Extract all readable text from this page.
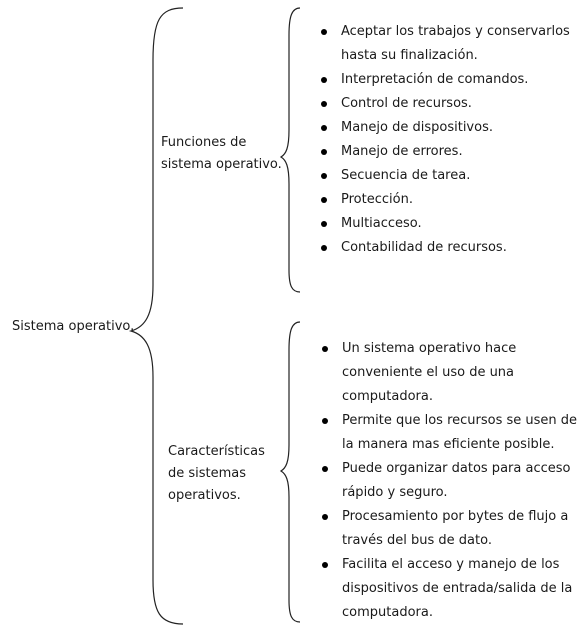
Sistema operativo.
Funciones de
sistema operativo.
Aceptar los trabajos y conservarlos
hasta su finalización.
Interpretación de comandos.
Control de recursos.
Manejo de dispositivos.
Manejo de errores.
Secuencia de tarea.
Protección.
Multiacceso.
Contabilidad de recursos.
Características
de sistemas
operativos.
Un sistema operativo hace
conveniente el uso de una
computadora.
Permite que los recursos se usen de
la manera mas eficiente posible.
Puede organizar datos para acceso
rápido y seguro.
Procesamiento por bytes de flujo a
través del bus de dato.
Facilita el acceso y manejo de los
dispositivos de entrada/salida de la
computadora.
